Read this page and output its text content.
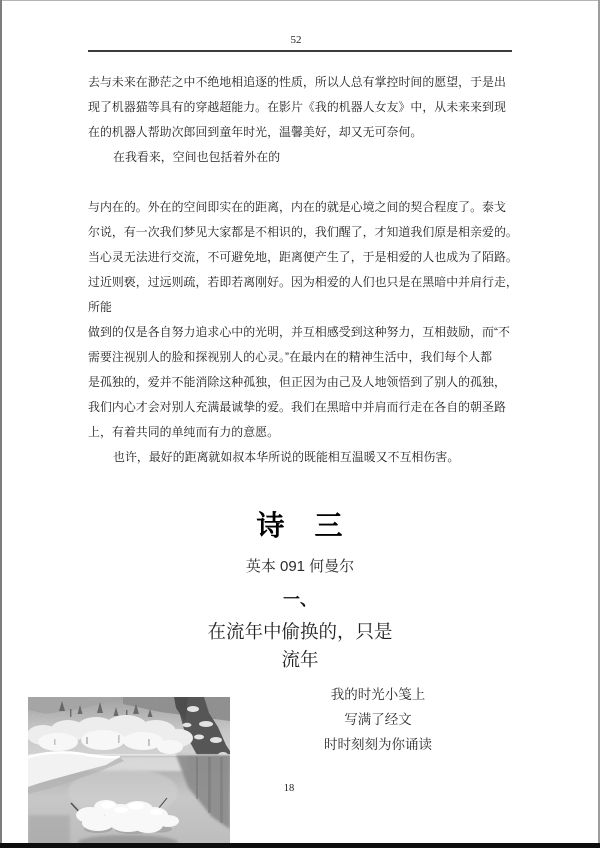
52
去与未来在渺茫之中不绝地相追逐的性质，所以人总有掌控时间的愿望，于是出
现了机器猫等具有的穿越超能力。在影片《我的机器人女友》中，从未来来到现
在的机器人帮助次郎回到童年时光，温馨美好，却又无可奈何。
在我看来，空间也包括着外在的
与内在的。外在的空间即实在的距离，内在的就是心境之间的契合程度了。泰戈
尔说，有一次我们梦见大家都是不相识的，我们醒了，才知道我们原是相亲爱的。
当心灵无法进行交流，不可避免地，距离便产生了，于是相爱的人也成为了陌路。
过近则亵，过远则疏，若即若离刚好。因为相爱的人们也只是在黑暗中并肩行走，
所能
做到的仅是各自努力追求心中的光明，并互相感受到这种努力，互相鼓励，而“不
需要注视别人的脸和探视别人的心灵。”在最内在的精神生活中，我们每个人都
是孤独的，爱并不能消除这种孤独，但正因为由己及人地领悟到了别人的孤独，
我们内心才会对别人充满最诚挚的爱。我们在黑暗中并肩而行走在各自的朝圣路
上，有着共同的单纯而有力的意愿。
也许，最好的距离就如叔本华所说的既能相互温暖又不互相伤害。
诗　三
英本 091 何曼尔
一、
在流年中偷换的，只是
流年
我的时光小笺上
写满了经文
时时刻刻为你诵读
18
